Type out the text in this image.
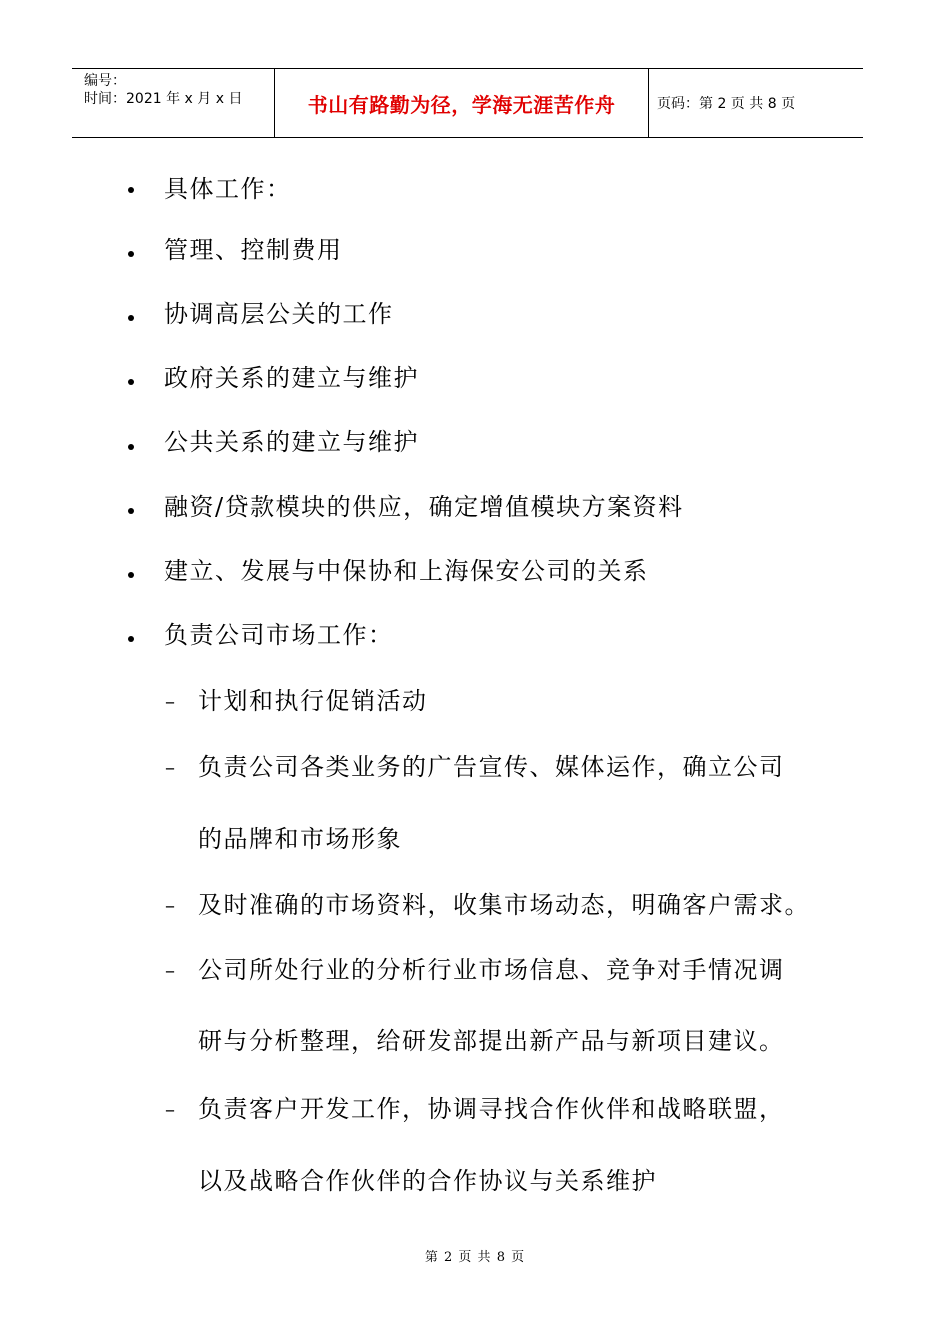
编号：
时间：2021 年 x 月 x 日	书山有路勤为径，学海无涯苦作舟	页码：第 2 页 共 8 页
具体工作：
管理、控制费用
协调高层公关的工作
政府关系的建立与维护
公共关系的建立与维护
融资/贷款模块的供应，确定增值模块方案资料
建立、发展与中保协和上海保安公司的关系
负责公司市场工作：
– 计划和执行促销活动
– 负责公司各类业务的广告宣传、媒体运作，确立公司
的品牌和市场形象
– 及时准确的市场资料，收集市场动态，明确客户需求。
– 公司所处行业的分析行业市场信息、竞争对手情况调
研与分析整理，给研发部提出新产品与新项目建议。
– 负责客户开发工作，协调寻找合作伙伴和战略联盟，
以及战略合作伙伴的合作协议与关系维护
第 2 页 共 8 页
